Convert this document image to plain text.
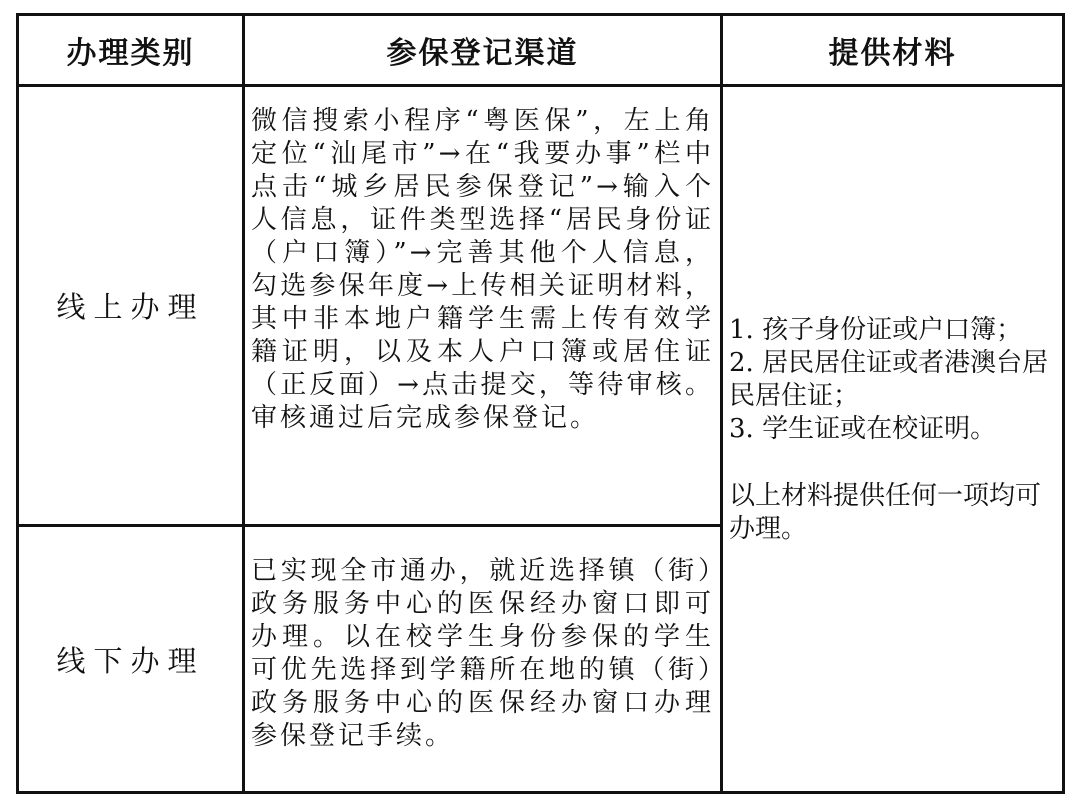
办理类别	参保登记渠道	提供材料
线上办理	微信搜索小程序“粤医保”，左上角定位“汕尾市”→在“我要办事”栏中点击“城乡居民参保登记”→输入个人信息，证件类型选择“居民身份证（户口簿）”→完善其他个人信息，勾选参保年度→上传相关证明材料，其中非本地户籍学生需上传有效学籍证明，以及本人户口簿或居住证（正反面）→点击提交，等待审核。审核通过后完成参保登记。	1. 孩子身份证或户口簿；

2. 居民居住证或者港澳台居民居住证；

3. 学生证或在校证明。

以上材料提供任何一项均可办理。

线下办理	已实现全市通办，就近选择镇（街）政务服务中心的医保经办窗口即可办理。以在校学生身份参保的学生可优先选择到学籍所在地的镇（街）政务服务中心的医保经办窗口办理参保登记手续。	
